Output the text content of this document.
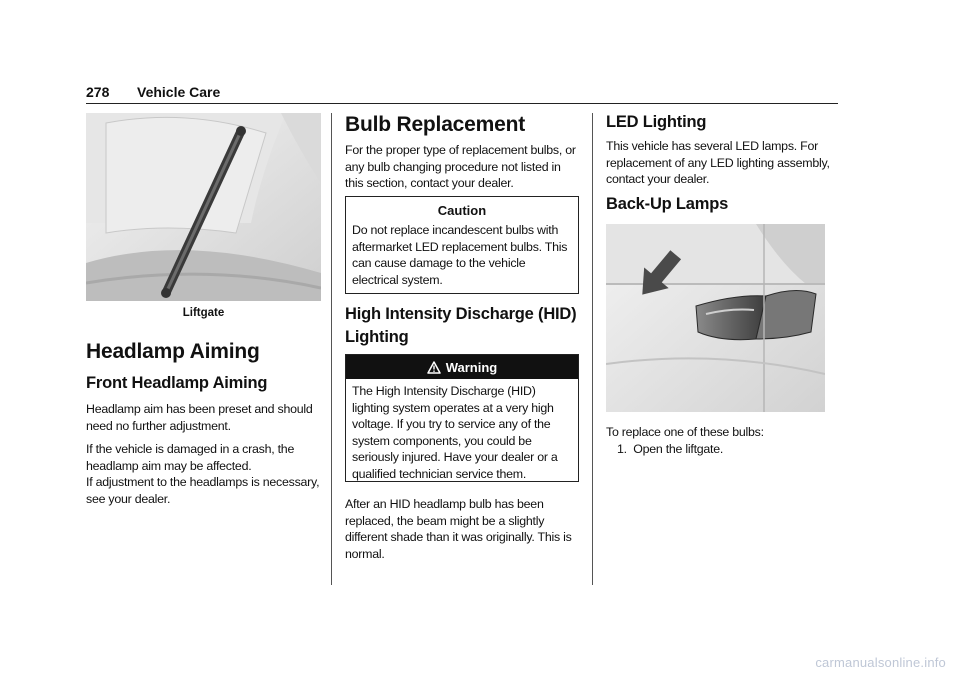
278 Vehicle Care
Liftgate
Headlamp Aiming
Front Headlamp Aiming
Headlamp aim has been preset and should need no further adjustment.
If the vehicle is damaged in a crash, the headlamp aim may be affected.
If adjustment to the headlamps is necessary, see your dealer.
Bulb Replacement
For the proper type of replacement bulbs, or any bulb changing procedure not listed in this section, contact your dealer.
Caution
Do not replace incandescent bulbs with aftermarket LED replacement bulbs. This can cause damage to the vehicle electrical system.
High Intensity Discharge (HID) Lighting
Warning
The High Intensity Discharge (HID) lighting system operates at a very high voltage. If you try to service any of the system components, you could be seriously injured. Have your dealer or a qualified technician service them.
After an HID headlamp bulb has been replaced, the beam might be a slightly different shade than it was originally. This is normal.
LED Lighting
This vehicle has several LED lamps. For replacement of any LED lighting assembly, contact your dealer.
Back-Up Lamps
To replace one of these bulbs:
1.  Open the liftgate.
carmanualsonline.info
